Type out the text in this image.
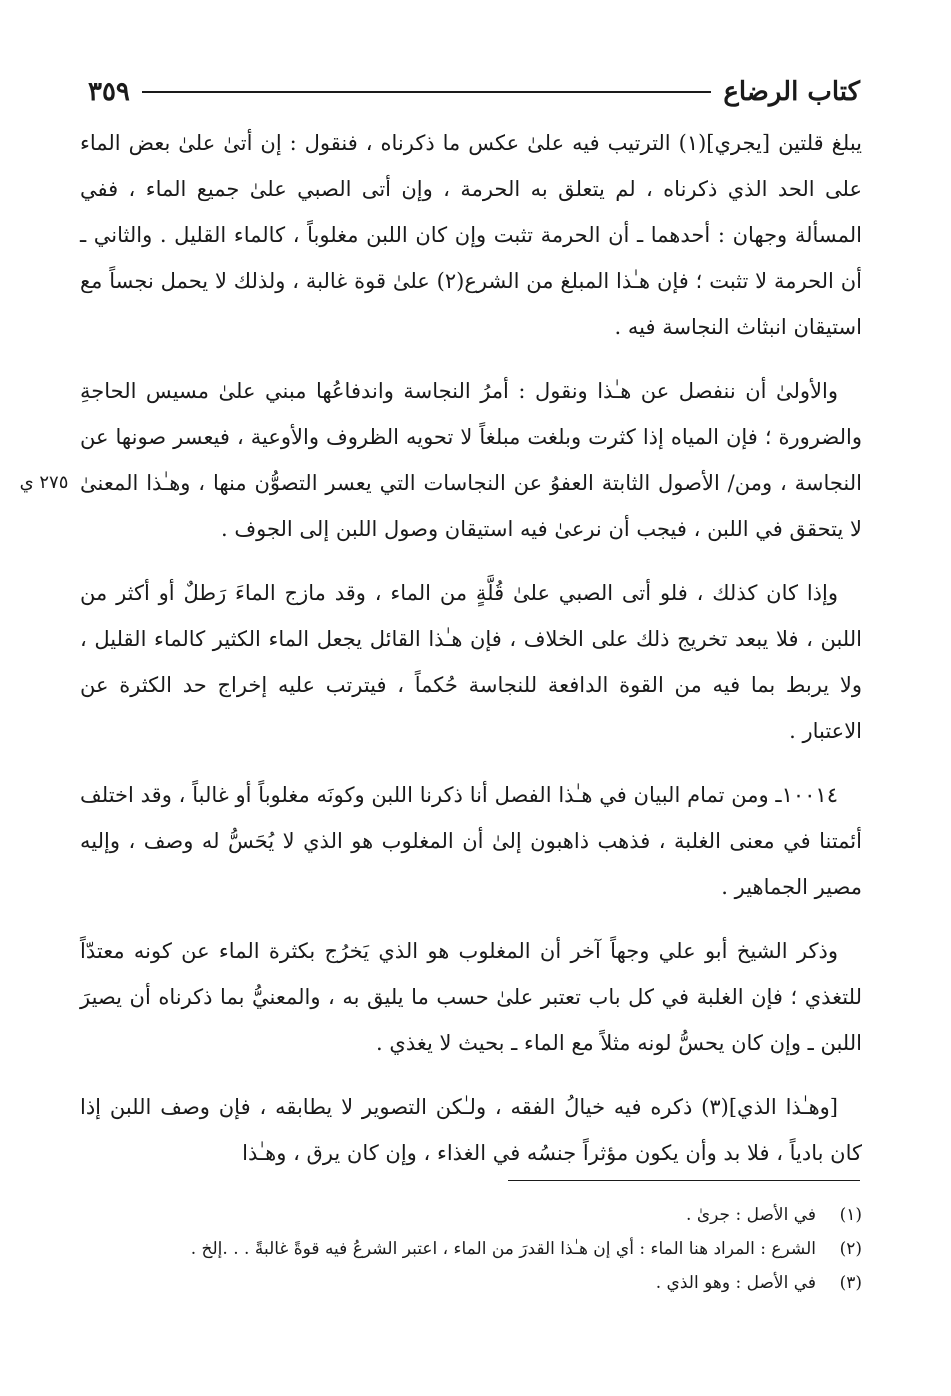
كتاب الرضاع
٣٥٩
٢٧٥ ي

يبلغ قلتين [يجري](١) الترتيب فيه علىٰ عكس ما ذكرناه ، فنقول : إن أتىٰ علىٰ بعض الماء على الحد الذي ذكرناه ، لم يتعلق به الحرمة ، وإن أتى الصبي علىٰ جميع الماء ، ففي المسألة وجهان : أحدهما ـ أن الحرمة تثبت وإن كان اللبن مغلوباً ، كالماء القليل . والثاني ـ أن الحرمة لا تثبت ؛ فإن هـٰذا المبلغ من الشرع(٢) علىٰ قوة غالبة ، ولذلك لا يحمل نجساً مع استيقان انبثاث النجاسة فيه .

والأولىٰ أن ننفصل عن هـٰذا ونقول : أمرُ النجاسة واندفاعُها مبني علىٰ مسيس الحاجةِ والضرورة ؛ فإن المياه إذا كثرت وبلغت مبلغاً لا تحويه الظروف والأوعية ، فيعسر صونها عن النجاسة ، ومن/ الأصول الثابتة العفوُ عن النجاسات التي يعسر التصوُّن منها ، وهـٰذا المعنىٰ لا يتحقق في اللبن ، فيجب أن نرعىٰ فيه استيقان وصول اللبن إلى الجوف .

وإذا كان كذلك ، فلو أتى الصبي علىٰ قُلَّةٍ من الماء ، وقد مازج الماءَ رَطلٌ أو أكثر من اللبن ، فلا يبعد تخريج ذلك على الخلاف ، فإن هـٰذا القائل يجعل الماء الكثير كالماء القليل ، ولا يربط بما فيه من القوة الدافعة للنجاسة حُكماً ، فيترتب عليه إخراج حد الكثرة عن الاعتبار .

١٠٠١٤ـ ومن تمام البيان في هـٰذا الفصل أنا ذكرنا اللبن وكونَه مغلوباً أو غالباً ، وقد اختلف أئمتنا في معنى الغلبة ، فذهب ذاهبون إلىٰ أن المغلوب هو الذي لا يُحَسُّ له وصف ، وإليه مصير الجماهير .

وذكر الشيخ أبو علي وجهاً آخر أن المغلوب هو الذي يَخرُج بكثرة الماء عن كونه معتدّاً للتغذي ؛ فإن الغلبة في كل باب تعتبر علىٰ حسب ما يليق به ، والمعنيُّ بما ذكرناه أن يصيرَ اللبن ـ وإن كان يحسُّ لونه مثلاً مع الماء ـ بحيث لا يغذي .

[وهـٰذا الذي](٣) ذكره فيه خيالُ الفقه ، ولـٰكن التصوير لا يطابقه ، فإن وصف اللبن إذا كان بادياً ، فلا بد وأن يكون مؤثراً جنسُه في الغذاء ، وإن كان يرق ، وهـٰذا

(١)
في الأصل : جرىٰ .
(٢)
الشرع : المراد هنا الماء : أي إن هـٰذا القدرَ من الماء ، اعتبر الشرعُ فيه قوةً غالبةً . . .إلخ .
(٣)
في الأصل : وهو الذي .
